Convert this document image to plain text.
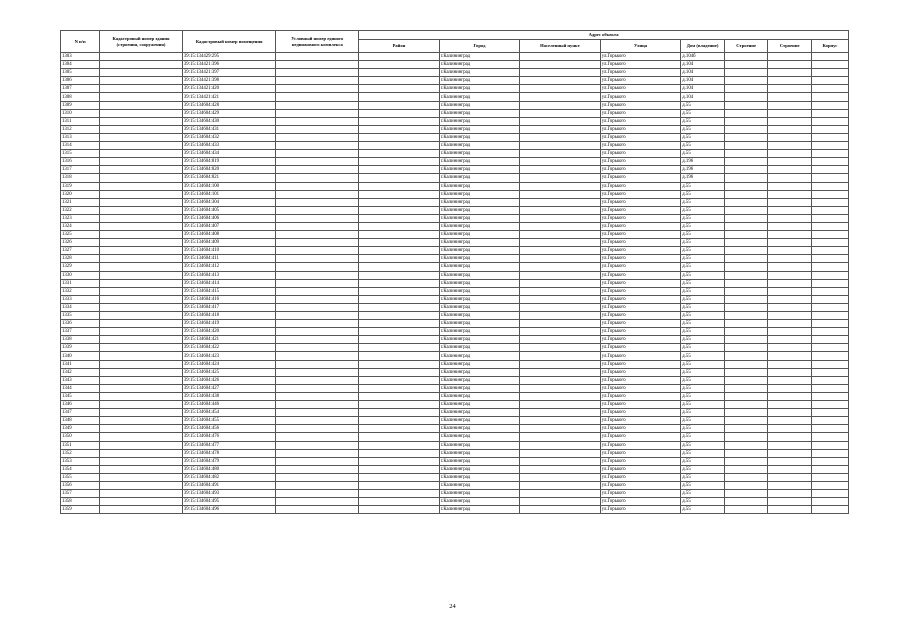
N п/п	Кадастровый номер здания (строения, сооружения)	Кадастровый номер помещения	Условный номер единого недвижимого комплекса	Адрес объекта							
				Район	Город	Населенный пункт	Улица	Дом (владение)	Строение	Строение	Корпус
1303		39:15:134429:295			г.Калининград		ул.Горького	д.104б			
1304		39:15:134421:396			г.Калининград		ул.Горького	д.104			
1305		39:15:134421:397			г.Калининград		ул.Горького	д.104			
1306		39:15:134421:398			г.Калининград		ул.Горького	д.104			
1307		39:15:134421:420			г.Калининград		ул.Горького	д.104			
1308		39:15:134421:421			г.Калининград		ул.Горького	д.104			
1309		39:15:134604:428			г.Калининград		ул.Горького	д.55			
1310		39:15:134604:429			г.Калининград		ул.Горького	д.55			
1311		39:15:134604:430			г.Калининград		ул.Горького	д.55			
1312		39:15:134604:431			г.Калининград		ул.Горького	д.55			
1313		39:15:134604:432			г.Калининград		ул.Горького	д.55			
1314		39:15:134604:433			г.Калининград		ул.Горького	д.55			
1315		39:15:134604:434			г.Калининград		ул.Горького	д.55			
1316		39:15:134604:819			г.Калининград		ул.Горького	д.196			
1317		39:15:134604:820			г.Калининград		ул.Горького	д.196			
1318		39:15:134604:821			г.Калининград		ул.Горького	д.196			
1319		39:15:134604:100			г.Калининград		ул.Горького	д.55			
1320		39:15:134604:101			г.Калининград		ул.Горького	д.55			
1321		39:15:134604:304			г.Калининград		ул.Горького	д.55			
1322		39:15:134604:405			г.Калининград		ул.Горького	д.55			
1323		39:15:134604:406			г.Калининград		ул.Горького	д.55			
1324		39:15:134604:407			г.Калининград		ул.Горького	д.55			
1325		39:15:134604:408			г.Калининград		ул.Горького	д.55			
1326		39:15:134604:409			г.Калининград		ул.Горького	д.55			
1327		39:15:134604:410			г.Калининград		ул.Горького	д.55			
1328		39:15:134604:411			г.Калининград		ул.Горького	д.55			
1329		39:15:134604:412			г.Калининград		ул.Горького	д.55			
1330		39:15:134604:413			г.Калининград		ул.Горького	д.55			
1331		39:15:134604:414			г.Калининград		ул.Горького	д.55			
1332		39:15:134604:415			г.Калининград		ул.Горького	д.55			
1333		39:15:134604:416			г.Калининград		ул.Горького	д.55			
1334		39:15:134604:417			г.Калининград		ул.Горького	д.55			
1335		39:15:134604:418			г.Калининград		ул.Горького	д.55			
1336		39:15:134604:419			г.Калининград		ул.Горького	д.55			
1337		39:15:134604:420			г.Калининград		ул.Горького	д.55			
1338		39:15:134604:421			г.Калининград		ул.Горького	д.55			
1339		39:15:134604:422			г.Калининград		ул.Горького	д.55			
1340		39:15:134604:423			г.Калининград		ул.Горького	д.55			
1341		39:15:134604:424			г.Калининград		ул.Горького	д.55			
1342		39:15:134604:425			г.Калининград		ул.Горького	д.55			
1343		39:15:134604:426			г.Калининград		ул.Горького	д.55			
1344		39:15:134604:427			г.Калининград		ул.Горького	д.55			
1345		39:15:134604:438			г.Калининград		ул.Горького	д.55			
1346		39:15:134604:446			г.Калининград		ул.Горького	д.55			
1347		39:15:134604:454			г.Калининград		ул.Горького	д.55			
1348		39:15:134604:455			г.Калининград		ул.Горького	д.55			
1349		39:15:134604:456			г.Калининград		ул.Горького	д.55			
1350		39:15:134604:476			г.Калининград		ул.Горького	д.55			
1351		39:15:134604:477			г.Калининград		ул.Горького	д.55			
1352		39:15:134604:478			г.Калининград		ул.Горького	д.55			
1353		39:15:134604:479			г.Калининград		ул.Горького	д.55			
1354		39:15:134604:480			г.Калининград		ул.Горького	д.55			
1355		39:15:134604:482			г.Калининград		ул.Горького	д.55			
1356		39:15:134604:491			г.Калининград		ул.Горького	д.55			
1357		39:15:134604:493			г.Калининград		ул.Горького	д.55			
1358		39:15:134604:495			г.Калининград		ул.Горького	д.55			
1359		39:15:134604:496			г.Калининград		ул.Горького	д.55			
24
